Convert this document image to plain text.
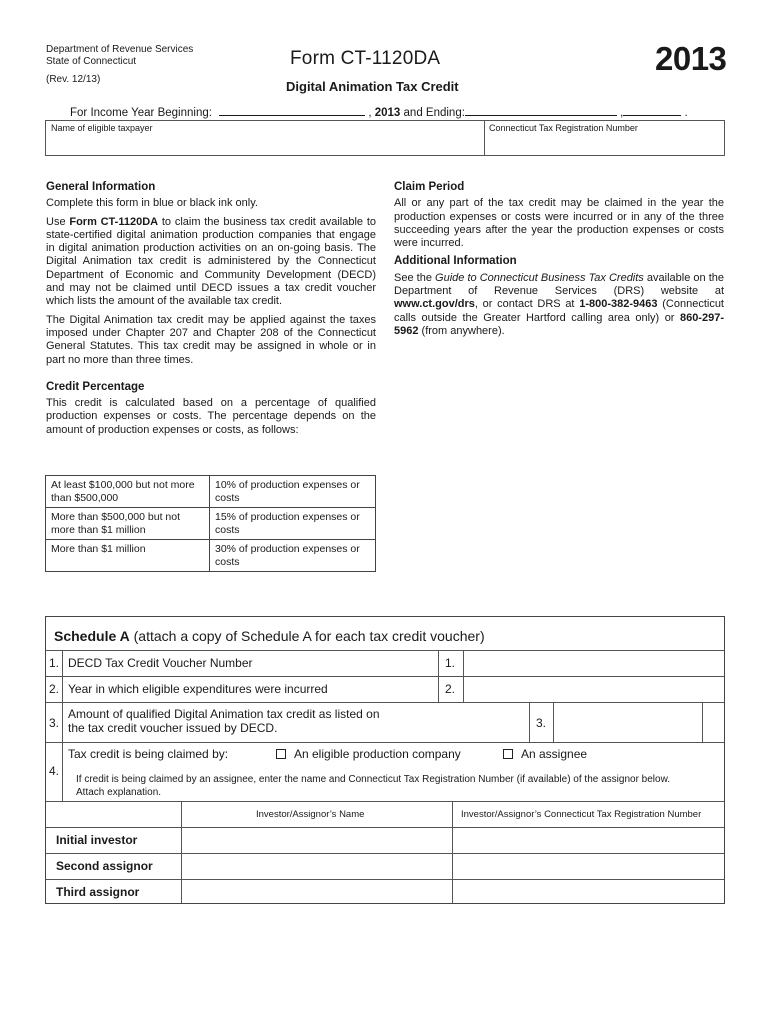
Department of Revenue Services
State of Connecticut
(Rev. 12/13)
Form CT-1120DA
Digital Animation Tax Credit
2013
For Income Year Beginning:	, 2013 and Ending:	,	.
Name of eligible taxpayer	Connecticut Tax Registration Number
General Information

Complete this form in blue or black ink only.

Use Form CT-1120DA to claim the business tax credit available to state-certified digital animation production companies that engage in digital animation production activities on an on-going basis. The Digital Animation tax credit is administered by the Connecticut Department of Economic and Community Development (DECD) and may not be claimed until DECD issues a tax credit voucher which lists the amount of the available tax credit.

The Digital Animation tax credit may be applied against the taxes imposed under Chapter 207 and Chapter 208 of the Connecticut General Statutes. This tax credit may be assigned in whole or in part no more than three times.

Credit Percentage

This credit is calculated based on a percentage of qualified production expenses or costs. The percentage depends on the amount of production expenses or costs, as follows:

At least $100,000 but not more than $500,000	10% of production expenses or costs
More than $500,000 but not more than $1 million	15% of production expenses or costs
More than $1 million	30% of production expenses or costs
Claim Period

All or any part of the tax credit may be claimed in the year the production expenses or costs were incurred or in any of the three succeeding years after the year the production expenses or costs were incurred.

Additional Information

See the Guide to Connecticut Business Tax Credits available on the Department of Revenue Services (DRS) website at www.ct.gov/drs, or contact DRS at 1-800-382-9463 (Connecticut calls outside the Greater Hartford calling area only) or 860-297-5962 (from anywhere).

Schedule A (attach a copy of Schedule A for each tax credit voucher)
1. DECD Tax Credit Voucher Number	1.
2. Year in which eligible expenditures were incurred	2.
3.
Amount of qualified Digital Animation tax credit as listed on
the tax credit voucher issued by DECD.	3.
4.
Tax credit is being claimed by:	An eligible production company	An assignee
If credit is being claimed by an assignee, enter the name and Connecticut Tax Registration Number (if available) of the assignor below.
Attach explanation.
Investor/Assignor’s Name	Investor/Assignor’s Connecticut Tax Registration Number
Initial investor
Second assignor
Third assignor
